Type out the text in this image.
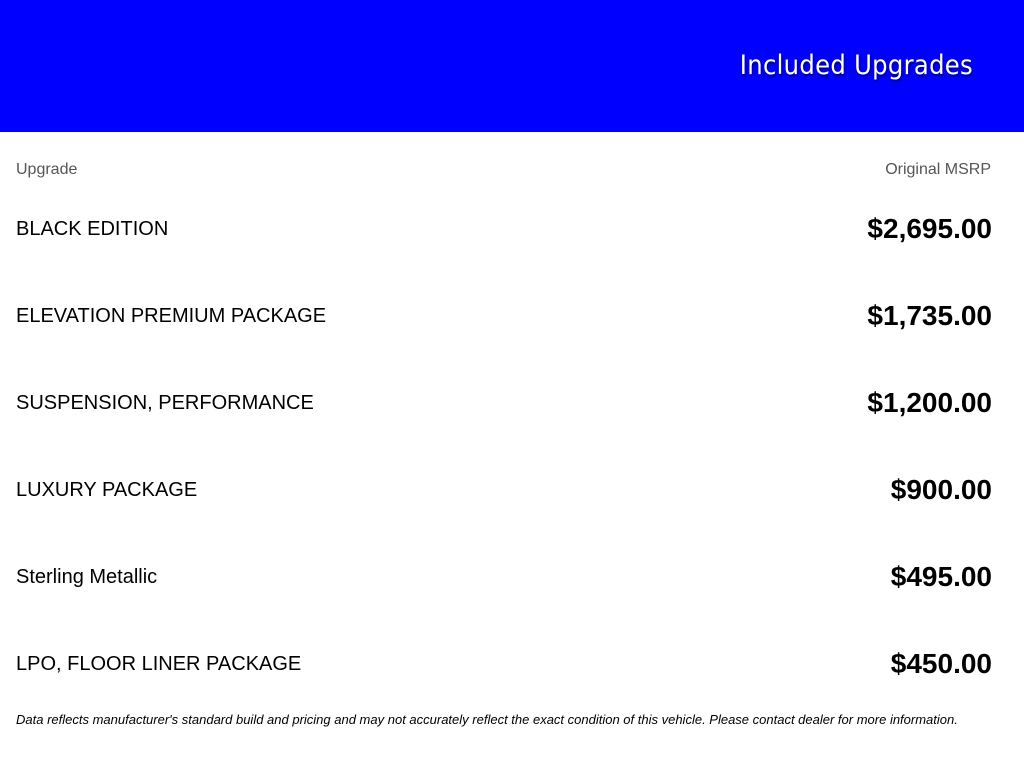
Included Upgrades
Upgrade	Original MSRP
BLACK EDITION	$2,695.00
ELEVATION PREMIUM PACKAGE	$1,735.00
SUSPENSION, PERFORMANCE	$1,200.00
LUXURY PACKAGE	$900.00
Sterling Metallic	$495.00
LPO, FLOOR LINER PACKAGE	$450.00
Data reflects manufacturer's standard build and pricing and may not accurately reflect the exact condition of this vehicle. Please contact dealer for more information.
